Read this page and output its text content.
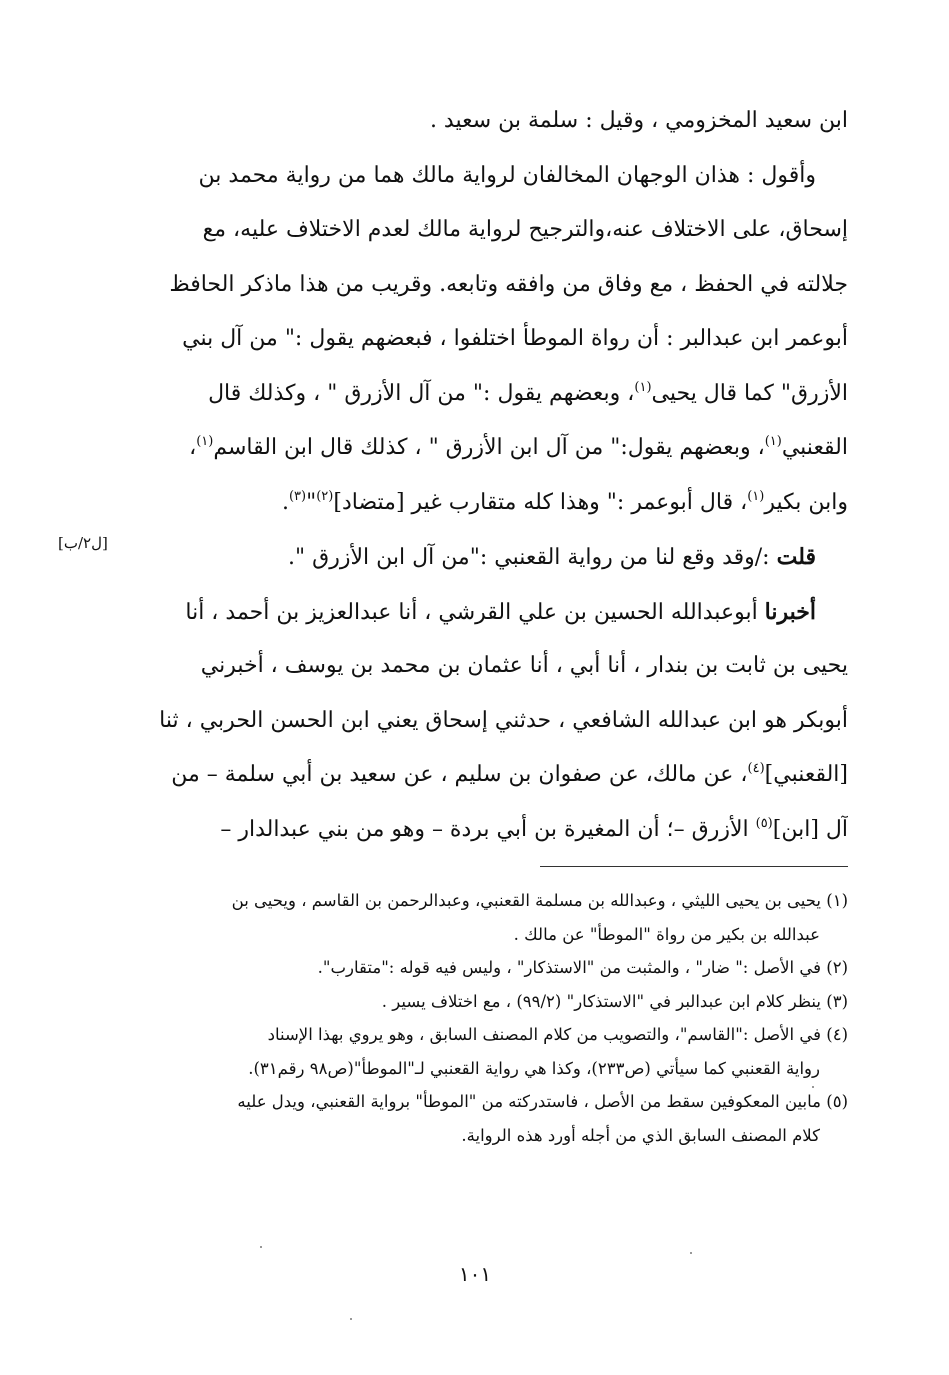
ابن سعيد المخزومي ، وقيل : سلمة بن سعيد .
وأقول : هذان الوجهان المخالفان لرواية مالك هما من رواية محمد بن
إسحاق، على الاختلاف عنه،والترجيح لرواية مالك لعدم الاختلاف عليه، مع
جلالته في الحفظ ، مع وفاق من وافقه وتابعه. وقريب من هذا ماذكر الحافظ
أبوعمر ابن عبدالبر : أن رواة الموطأ اختلفوا ، فبعضهم يقول :" من آل بني
الأزرق" كما قال يحيى$^{(١)}$، وبعضهم يقول :" من آل الأزرق " ، وكذلك قال
القعنبي$^{(١)}$، وبعضهم يقول:" من آل ابن الأزرق " ، كذلك قال ابن القاسم$^{(١)}$،
وابن بكير$^{(١)}$، قال أبوعمر :" وهذا كله متقارب غير [متضاد]$^{(٢)}$"$^{(٣)}$.
قلت :/وقد وقع لنا من رواية القعنبي :"من آل ابن الأزرق ".
أخبرنا أبوعبدالله الحسين بن علي القرشي ، أنا عبدالعزيز بن أحمد ، أنا
يحيى بن ثابت بن بندار ، أنا أبي ، أنا عثمان بن محمد بن يوسف ، أخبرني
أبوبكر هو ابن عبدالله الشافعي ، حدثني إسحاق يعني ابن الحسن الحربي ، ثنا
[القعنبي]$^{(٤)}$، عن مالك، عن صفوان بن سليم ، عن سعيد بن أبي سلمة – من
آل [ابن]$^{(٥)}$ الأزرق –؛ أن المغيرة بن أبي بردة – وهو من بني عبدالدار –
[ل٢/ب]
(١) يحيى بن يحيى الليثي ، وعبدالله بن مسلمة القعنبي، وعبدالرحمن بن القاسم ، ويحيى بن
عبدالله بن بكير من رواة "الموطأ" عن مالك .
(٢) في الأصل :" ضار" ، والمثبت من "الاستذكار" ، وليس فيه قوله :"متقارب".
(٣) ينظر كلام ابن عبدالبر في "الاستذكار" (٩٩/٢) ، مع اختلاف يسير .
(٤) في الأصل :"القاسم"، والتصويب من كلام المصنف السابق ، وهو يروي بهذا الإسناد
رواية القعنبي كما سيأتي (ص٢٣٣)، وكذا هي رواية القعنبي لـ"الموطأ"(ص٩٨ رقم٣١).
(٥) مابين المعكوفين سقط من الأصل ، فاستدركته من "الموطأ" برواية القعنبي، ويدل عليه
كلام المصنف السابق الذي من أجله أورد هذه الرواية.
١٠١
